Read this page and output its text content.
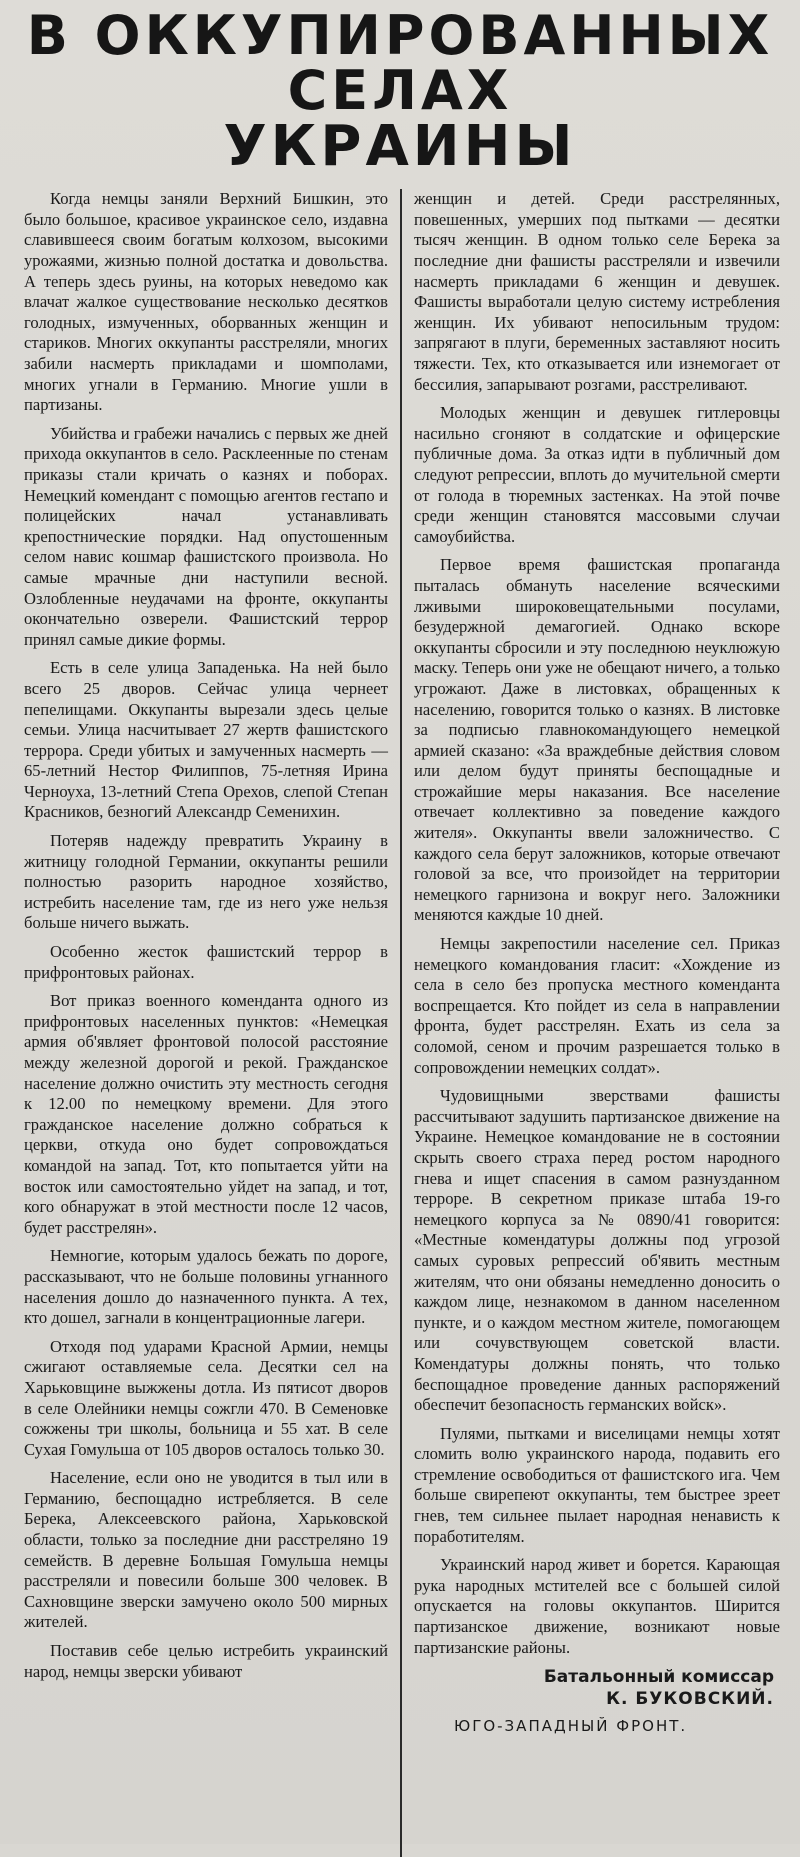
В ОККУПИРОВАННЫХ СЕЛАХ
УКРАИНЫ

Когда немцы заняли Верхний Бишкин, это было большое, красивое украинское село, издавна славившееся своим богатым колхозом, высокими урожаями, жизнью полной достатка и довольства. А теперь здесь руины, на которых неведомо как влачат жалкое существование несколько десятков голодных, измученных, оборванных женщин и стариков. Многих оккупанты расстреляли, многих забили насмерть прикладами и шомполами, многих угнали в Германию. Многие ушли в партизаны.

Убийства и грабежи начались с первых же дней прихода оккупантов в село. Расклеенные по стенам приказы стали кричать о казнях и поборах. Немецкий комендант с помощью агентов гестапо и полицейских начал устанавливать крепостнические порядки. Над опустошенным селом навис кошмар фашистского произвола. Но самые мрачные дни наступили весной. Озлобленные неудачами на фронте, оккупанты окончательно озверели. Фашистский террор принял самые дикие формы.

Есть в селе улица Западенька. На ней было всего 25 дворов. Сейчас улица чернеет пепелищами. Оккупанты вырезали здесь целые семьи. Улица насчитывает 27 жертв фашистского террора. Среди убитых и замученных насмерть — 65-летний Нестор Филиппов, 75-летняя Ирина Черноуха, 13-летний Степа Орехов, слепой Степан Красников, безногий Александр Семенихин.

Потеряв надежду превратить Украину в житницу голодной Германии, оккупанты решили полностью разорить народное хозяйство, истребить население там, где из него уже нельзя больше ничего выжать.

Особенно жесток фашистский террор в прифронтовых районах.

Вот приказ военного коменданта одного из прифронтовых населенных пунктов: «Немецкая армия об'являет фронтовой полосой расстояние между железной дорогой и рекой. Гражданское население должно очистить эту местность сегодня к 12.00 по немецкому времени. Для этого гражданское население должно собраться к церкви, откуда оно будет сопровождаться командой на запад. Тот, кто попытается уйти на восток или самостоятельно уйдет на запад, и тот, кого обнаружат в этой местности после 12 часов, будет расстрелян».

Немногие, которым удалось бежать по дороге, рассказывают, что не больше половины угнанного населения дошло до назначенного пункта. А тех, кто дошел, загнали в концентрационные лагери.

Отходя под ударами Красной Армии, немцы сжигают оставляемые села. Десятки сел на Харьковщине выжжены дотла. Из пятисот дворов в селе Олейники немцы сожгли 470. В Семеновке сожжены три школы, больница и 55 хат. В селе Сухая Гомульша от 105 дворов осталось только 30.

Население, если оно не уводится в тыл или в Германию, беспощадно истребляется. В селе Берека, Алексеевского района, Харьковской области, только за последние дни расстреляно 19 семейств. В деревне Большая Гомульша немцы расстреляли и повесили больше 300 человек. В Сахновщине зверски замучено около 500 мирных жителей.

Поставив себе целью истребить украинский народ, немцы зверски убивают

женщин и детей. Среди расстрелянных, повешенных, умерших под пытками — десятки тысяч женщин. В одном только селе Берека за последние дни фашисты расстреляли и извечили насмерть прикладами 6 женщин и девушек. Фашисты выработали целую систему истребления женщин. Их убивают непосильным трудом: запрягают в плуги, беременных заставляют носить тяжести. Тех, кто отказывается или изнемогает от бессилия, запарывают розгами, расстреливают.

Молодых женщин и девушек гитлеровцы насильно сгоняют в солдатские и офицерские публичные дома. За отказ идти в публичный дом следуют репрессии, вплоть до мучительной смерти от голода в тюремных застенках. На этой почве среди женщин становятся массовыми случаи самоубийства.

Первое время фашистская пропаганда пыталась обмануть население всяческими лживыми широковещательными посулами, безудержной демагогией. Однако вскоре оккупанты сбросили и эту последнюю неуклюжую маску. Теперь они уже не обещают ничего, а только угрожают. Даже в листовках, обращенных к населению, говорится только о казнях. В листовке за подписью главнокомандующего немецкой армией сказано: «За враждебные действия словом или делом будут приняты беспощадные и строжайшие меры наказания. Все население отвечает коллективно за поведение каждого жителя». Оккупанты ввели заложничество. С каждого села берут заложников, которые отвечают головой за все, что произойдет на территории немецкого гарнизона и вокруг него. Заложники меняются каждые 10 дней.

Немцы закрепостили население сел. Приказ немецкого командования гласит: «Хождение из села в село без пропуска местного коменданта воспрещается. Кто пойдет из села в направлении фронта, будет расстрелян. Ехать из села за соломой, сеном и прочим разрешается только в сопровождении немецких солдат».

Чудовищными зверствами фашисты рассчитывают задушить партизанское движение на Украине. Немецкое командование не в состоянии скрыть своего страха перед ростом народного гнева и ищет спасения в самом разнузданном терроре. В секретном приказе штаба 19-го немецкого корпуса за № 0890/41 говорится: «Местные комендатуры должны под угрозой самых суровых репрессий об'явить местным жителям, что они обязаны немедленно доносить о каждом лице, незнакомом в данном населенном пункте, и о каждом местном жителе, помогающем или сочувствующем советской власти. Комендатуры должны понять, что только беспощадное проведение данных распоряжений обеспечит безопасность германских войск».

Пулями, пытками и виселицами немцы хотят сломить волю украинского народа, подавить его стремление освободиться от фашистского ига. Чем больше свирепеют оккупанты, тем быстрее зреет гнев, тем сильнее пылает народная ненависть к поработителям.

Украинский народ живет и борется. Карающая рука народных мстителей все с большей силой опускается на головы оккупантов. Ширится партизанское движение, возникают новые партизанские районы.

Батальонный комиссар
К. БУКОВСКИЙ.
ЮГО-ЗАПАДНЫЙ ФРОНТ.
